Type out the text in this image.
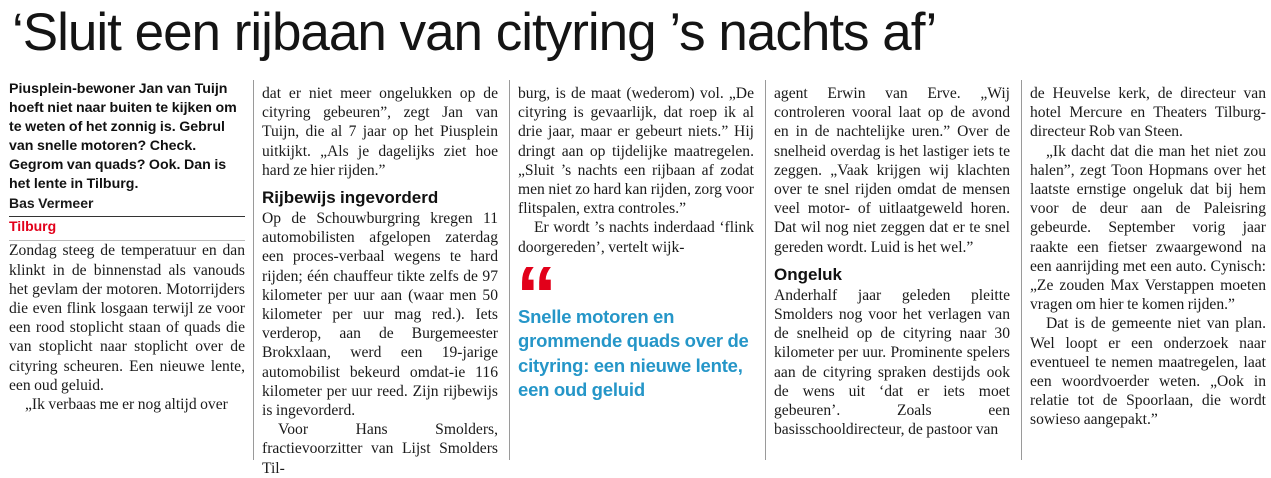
‘Sluit een rijbaan van cityring ’s nachts af’

Piusplein-bewoner Jan van Tuijn hoeft niet naar buiten te kijken om te weten of het zonnig is. Gebrul van snelle motoren? Check. Gegrom van quads? Ook. Dan is het lente in Tilburg.

Bas Vermeer

Tilburg

Zondag steeg de temperatuur en dan klinkt in de binnenstad als vanouds het gevlam der motoren. Motorrijders die even flink losgaan terwijl ze voor een rood stoplicht staan of quads die van stoplicht naar stoplicht over de cityring scheuren. Een nieuwe lente, een oud geluid.

„Ik verbaas me er nog altijd over

dat er niet meer ongelukken op de cityring gebeuren”, zegt Jan van Tuijn, die al 7 jaar op het Piusplein uitkijkt. „Als je dagelijks ziet hoe hard ze hier rijden.”

Rijbewijs ingevorderd

Op de Schouwburgring kregen 11 automobilisten afgelopen zaterdag een proces-verbaal wegens te hard rijden; één chauffeur tikte zelfs de 97 kilometer per uur aan (waar men 50 kilometer per uur mag red.). Iets verderop, aan de Burgemeester Brokxlaan, werd een 19-jarige automobilist bekeurd omdat-ie 116 kilometer per uur reed. Zijn rijbewijs is ingevorderd.

Voor Hans Smolders, fractievoorzitter van Lijst Smolders Til-

burg, is de maat (wederom) vol. „De cityring is gevaarlijk, dat roep ik al drie jaar, maar er gebeurt niets.” Hij dringt aan op tijdelijke maatregelen. „Sluit ’s nachts een rijbaan af zodat men niet zo hard kan rijden, zorg voor flitspalen, extra controles.”

Er wordt ’s nachts inderdaad ‘flink doorgereden’, vertelt wijk-

“

Snelle motoren en grommende quads over de cityring: een nieuwe lente, een oud geluid

agent Erwin van Erve. „Wij controleren vooral laat op de avond en in de nachtelijke uren.” Over de snelheid overdag is het lastiger iets te zeggen. „Vaak krijgen wij klachten over te snel rijden omdat de mensen veel motor- of uitlaatgeweld horen. Dat wil nog niet zeggen dat er te snel gereden wordt. Luid is het wel.”

Ongeluk

Anderhalf jaar geleden pleitte Smolders nog voor het verlagen van de snelheid op de cityring naar 30 kilometer per uur. Prominente spelers aan de cityring spraken destijds ook de wens uit ‘dat er iets moet gebeuren’. Zoals een basisschooldirecteur, de pastoor van

de Heuvelse kerk, de directeur van hotel Mercure en Theaters Tilburg-directeur Rob van Steen.

„Ik dacht dat die man het niet zou halen”, zegt Toon Hopmans over het laatste ernstige ongeluk dat bij hem voor de deur aan de Paleisring gebeurde. September vorig jaar raakte een fietser zwaargewond na een aanrijding met een auto. Cynisch: „Ze zouden Max Verstappen moeten vragen om hier te komen rijden.”

Dat is de gemeente niet van plan. Wel loopt er een onderzoek naar eventueel te nemen maatregelen, laat een woordvoerder weten. „Ook in relatie tot de Spoorlaan, die wordt sowieso aangepakt.”
